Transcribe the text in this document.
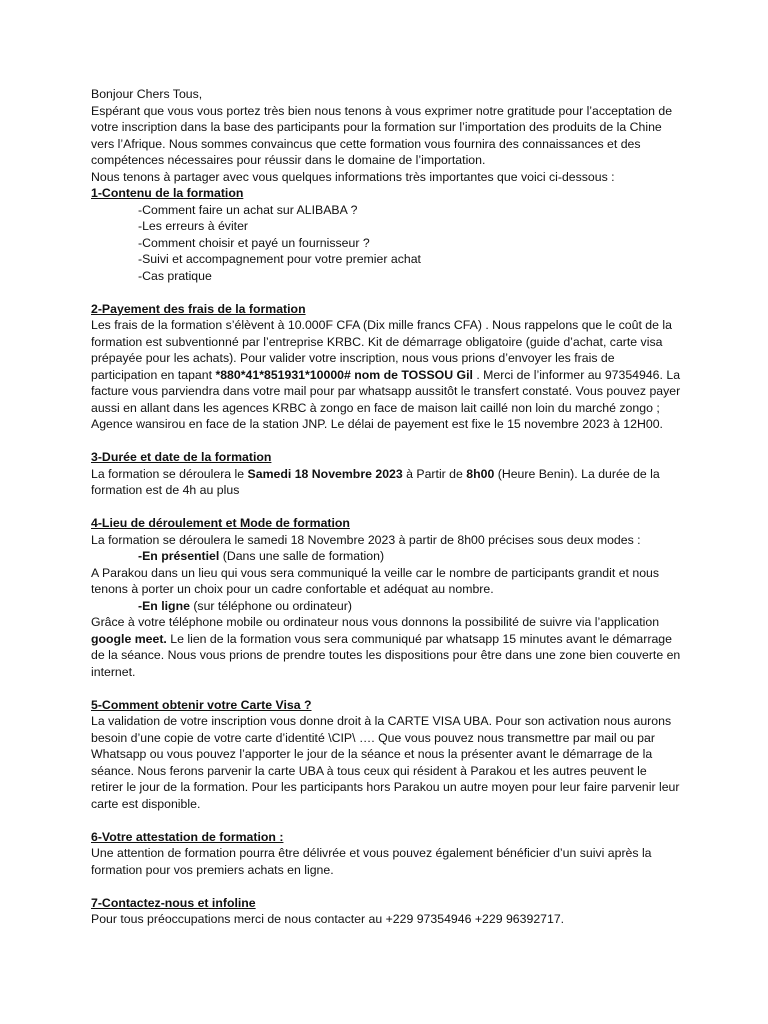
Bonjour Chers Tous,

Espérant que vous vous portez très bien nous tenons à vous exprimer notre gratitude pour l’acceptation de votre inscription dans la base des participants pour la formation sur l’importation des produits de la Chine vers l’Afrique. Nous sommes convaincus que cette formation vous fournira des connaissances et des compétences nécessaires pour réussir dans le domaine de l’importation.

Nous tenons à partager avec vous quelques informations très importantes que voici ci-dessous :

1-Contenu de la formation

-Comment faire un achat sur ALIBABA ?

-Les erreurs à éviter

-Comment choisir et payé un fournisseur ?

-Suivi et accompagnement pour votre premier achat

-Cas pratique

2-Payement des frais de la formation

Les frais de la formation s’élèvent à 10.000F CFA (Dix mille francs CFA) . Nous rappelons que le coût de la formation est subventionné par l’entreprise KRBC. Kit de démarrage obligatoire (guide d’achat, carte visa prépayée pour les achats). Pour valider votre inscription, nous vous prions d’envoyer les frais de participation en tapant *880*41*851931*10000# nom de TOSSOU Gil . Merci de l’informer au 97354946. La facture vous parviendra dans votre mail pour par whatsapp aussitôt le transfert constaté. Vous pouvez payer aussi en allant dans les agences KRBC à zongo en face de maison lait caillé non loin du marché zongo ; Agence wansirou en face de la station JNP. Le délai de payement est fixe le 15 novembre 2023 à 12H00.

3-Durée et date de la formation

La formation se déroulera le Samedi 18 Novembre 2023 à Partir de 8h00 (Heure Benin). La durée de la formation est de 4h au plus

4-Lieu de déroulement et Mode de formation

La formation se déroulera le samedi 18 Novembre 2023 à partir de 8h00 précises sous deux modes :

-En présentiel (Dans une salle de formation)

A Parakou dans un lieu qui vous sera communiqué la veille car le nombre de participants grandit et nous tenons à porter un choix pour un cadre confortable et adéquat au nombre.

-En ligne (sur téléphone ou ordinateur)

Grâce à votre téléphone mobile ou ordinateur nous vous donnons la possibilité de suivre via l’application google meet. Le lien de la formation vous sera communiqué par whatsapp 15 minutes avant le démarrage de la séance. Nous vous prions de prendre toutes les dispositions pour être dans une zone bien couverte en internet.

5-Comment obtenir votre Carte Visa ?

La validation de votre inscription vous donne droit à la CARTE VISA UBA. Pour son activation nous aurons besoin d’une copie de votre carte d’identité \CIP\ …. Que vous pouvez nous transmettre par mail ou par Whatsapp ou vous pouvez l’apporter le jour de la séance et nous la présenter avant le démarrage de la séance. Nous ferons parvenir la carte UBA à tous ceux qui résident à Parakou et les autres peuvent le retirer le jour de la formation. Pour les participants hors Parakou un autre moyen pour leur faire parvenir leur carte est disponible.

6-Votre attestation de formation :

Une attention de formation pourra être délivrée et vous pouvez également bénéficier d’un suivi après la formation pour vos premiers achats en ligne.

7-Contactez-nous et infoline

Pour tous préoccupations merci de nous contacter au +229 97354946 +229 96392717.
